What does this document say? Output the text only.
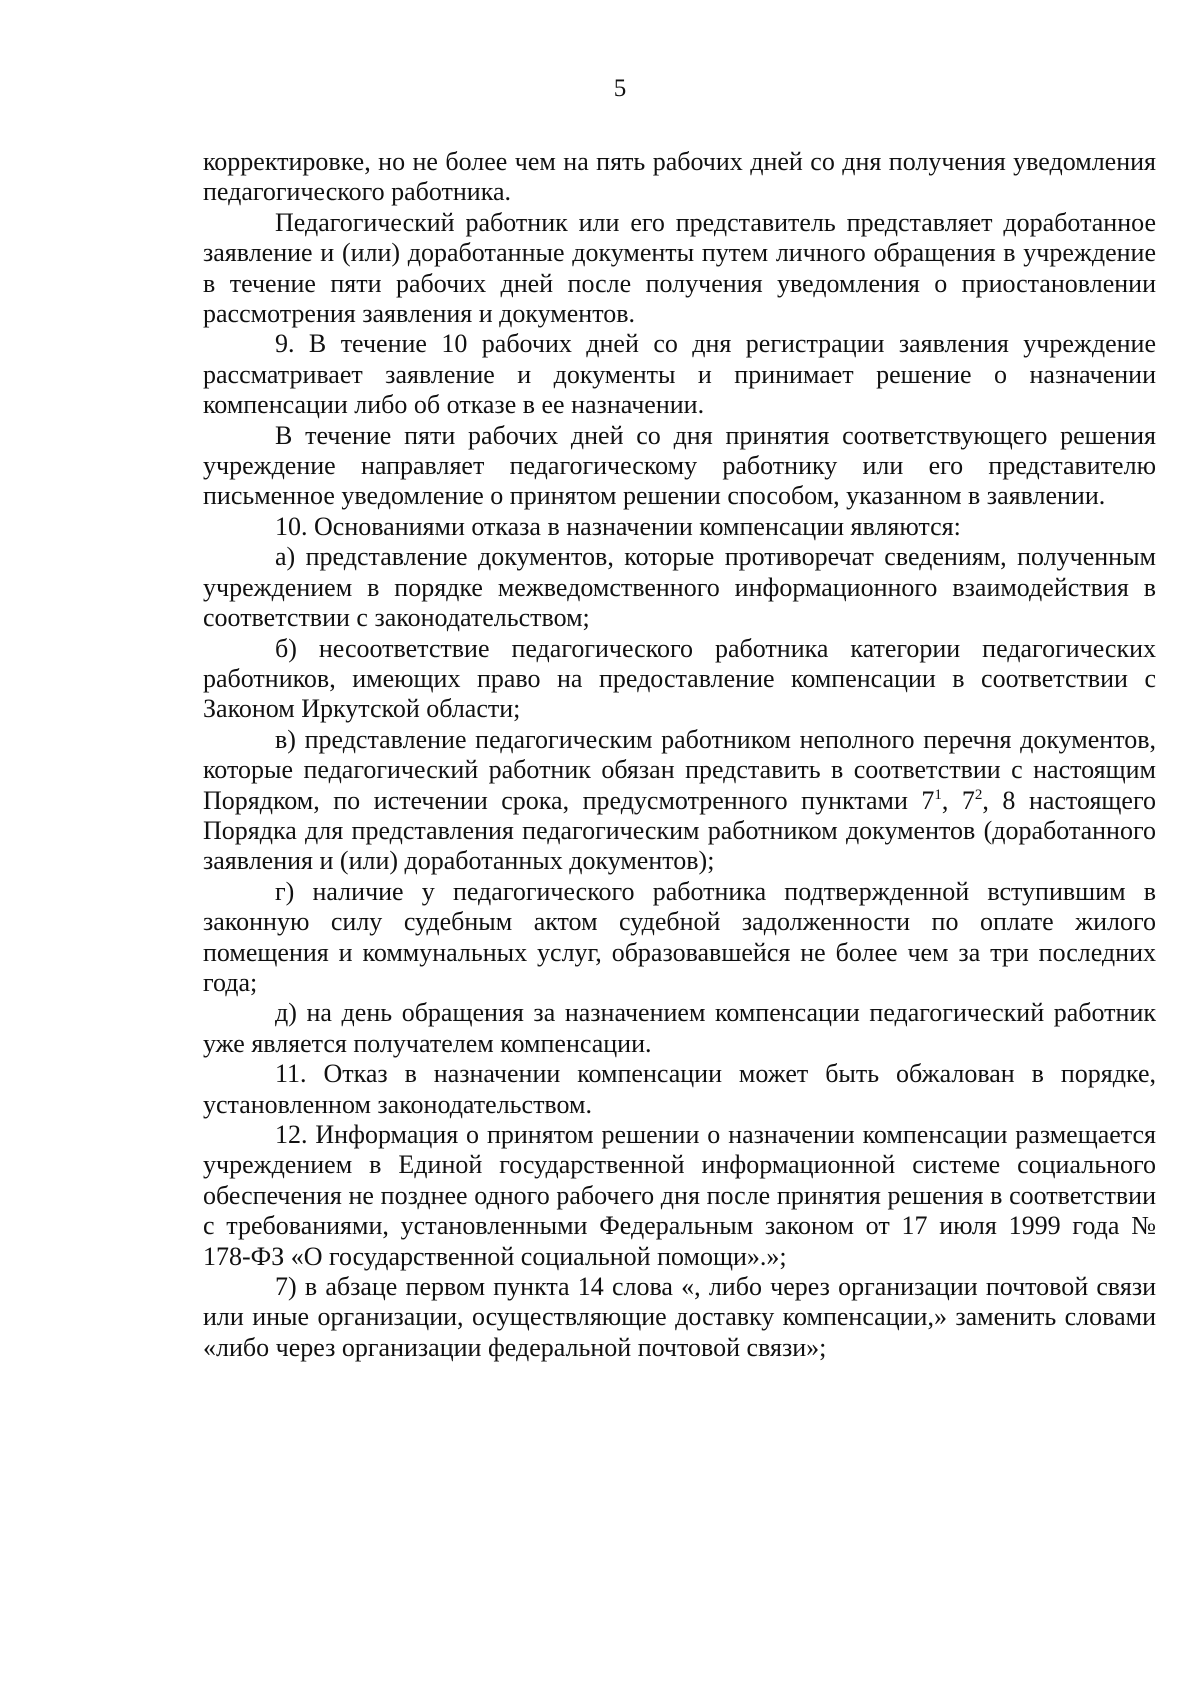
5

корректировке, но не более чем на пять рабочих дней со дня получения уведомления педагогического работника.

Педагогический работник или его представитель представляет доработанное заявление и (или) доработанные документы путем личного обращения в учреждение в течение пяти рабочих дней после получения уведомления о приостановлении рассмотрения заявления и документов.

9. В течение 10 рабочих дней со дня регистрации заявления учреждение рассматривает заявление и документы и принимает решение о назначении компенсации либо об отказе в ее назначении.

В течение пяти рабочих дней со дня принятия соответствующего решения учреждение направляет педагогическому работнику или его представителю письменное уведомление о принятом решении способом, указанном в заявлении.

10. Основаниями отказа в назначении компенсации являются:

а) представление документов, которые противоречат сведениям, полученным учреждением в порядке межведомственного информационного взаимодействия в соответствии с законодательством;

б) несоответствие педагогического работника категории педагогических работников, имеющих право на предоставление компенсации в соответствии с Законом Иркутской области;

в) представление педагогическим работником неполного перечня документов, которые педагогический работник обязан представить в соответствии с настоящим Порядком, по истечении срока, предусмотренного пунктами $7^1$, $7^2$, 8 настоящего Порядка для представления педагогическим работником документов (доработанного заявления и (или) доработанных документов);

г) наличие у педагогического работника подтвержденной вступившим в законную силу судебным актом судебной задолженности по оплате жилого помещения и коммунальных услуг, образовавшейся не более чем за три последних года;

д) на день обращения за назначением компенсации педагогический работник уже является получателем компенсации.

11. Отказ в назначении компенсации может быть обжалован в порядке, установленном законодательством.

12. Информация о принятом решении о назначении компенсации размещается учреждением в Единой государственной информационной системе социального обеспечения не позднее одного рабочего дня после принятия решения в соответствии с требованиями, установленными Федеральным законом от 17 июля 1999 года № 178-ФЗ «О государственной социальной помощи».»;

7) в абзаце первом пункта 14 слова «, либо через организации почтовой связи или иные организации, осуществляющие доставку компенсации,» заменить словами «либо через организации федеральной почтовой связи»;
